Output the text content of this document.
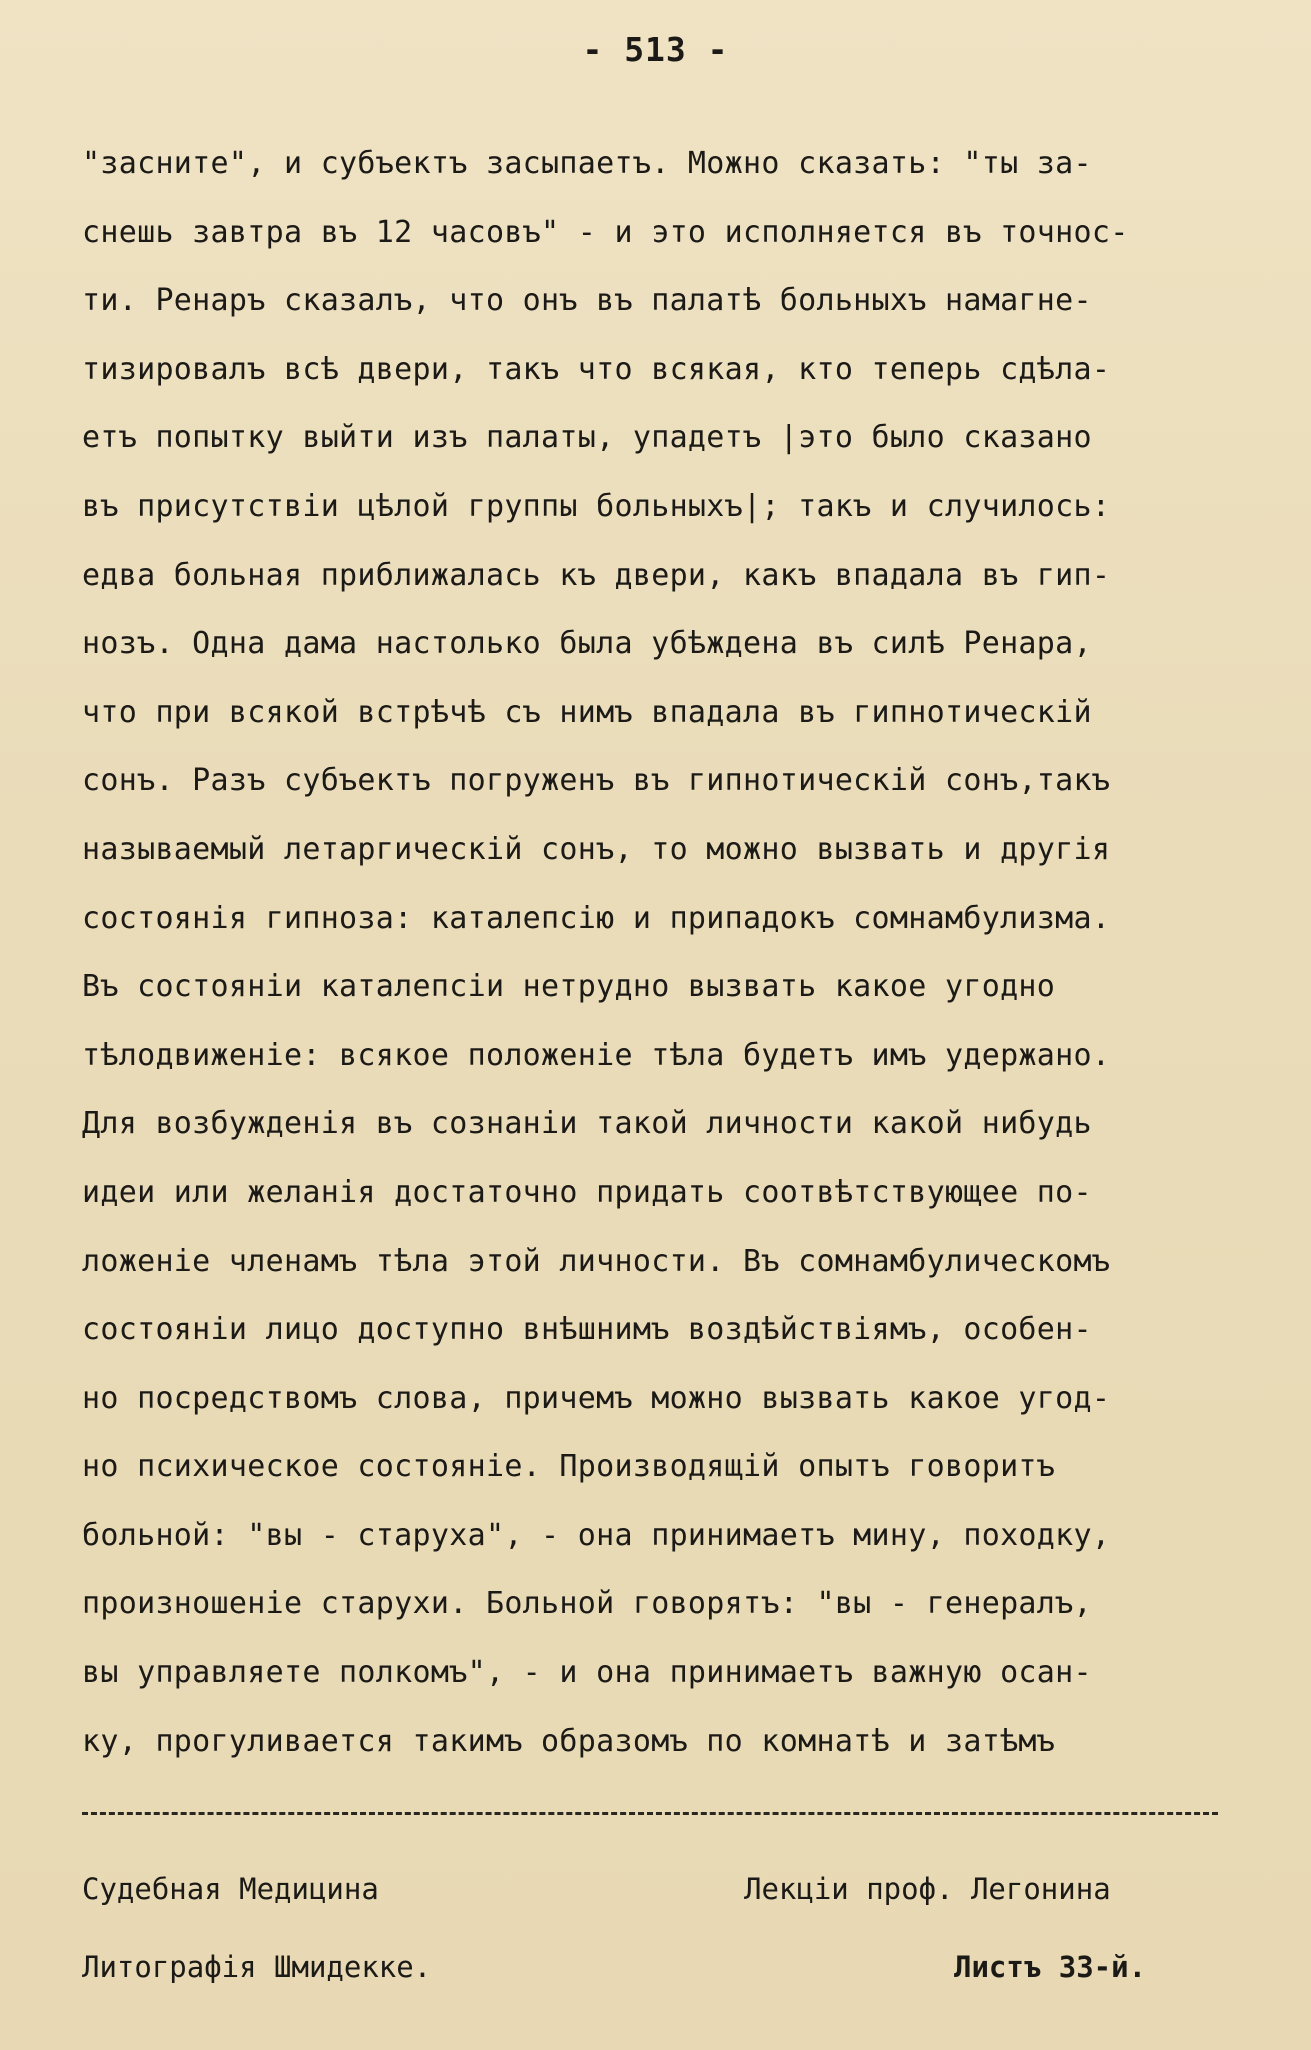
- 513 -
"засните", и субъектъ засыпаетъ. Можно сказать: "ты за-
снешь завтра въ 12 часовъ" - и это исполняется въ точнос-
ти. Ренаръ сказалъ, что онъ въ палатѣ больныхъ намагне-
тизировалъ всѣ двери, такъ что всякая, кто теперь сдѣла-
етъ попытку выйти изъ палаты, упадетъ |это было сказано
въ присутствiи цѣлой группы больныхъ|; такъ и случилось:
едва больная приближалась къ двери, какъ впадала въ гип-
нозъ. Одна дама настолько была убѣждена въ силѣ Ренара,
что при всякой встрѣчѣ съ нимъ впадала въ гипнотическiй
сонъ. Разъ субъектъ погруженъ въ гипнотическiй сонъ,такъ
называемый летаргическiй сонъ, то можно вызвать и другiя
состоянiя гипноза: каталепсiю и припадокъ сомнамбулизма.
Въ состоянiи каталепсiи нетрудно вызвать какое угодно
тѣлодвиженiе: всякое положенiе тѣла будетъ имъ удержано.
Для возбужденiя въ сознанiи такой личности какой нибудь
идеи или желанiя достаточно придать соотвѣтствующее по-
ложенiе членамъ тѣла этой личности. Въ сомнамбулическомъ
состоянiи лицо доступно внѣшнимъ воздѣйствiямъ, особен-
но посредствомъ слова, причемъ можно вызвать какое угод-
но психическое состоянiе. Производящiй опытъ говоритъ
больной: "вы - старуха", - она принимаетъ мину, походку,
произношенiе старухи. Больной говорятъ: "вы - генералъ,
вы управляете полкомъ", - и она принимаетъ важную осан-
ку, прогуливается такимъ образомъ по комнатѣ и затѣмъ
Судебная Медицина	Лекцiи проф. Легонина
Литографiя Шмидекке.	Листъ 33-й.
